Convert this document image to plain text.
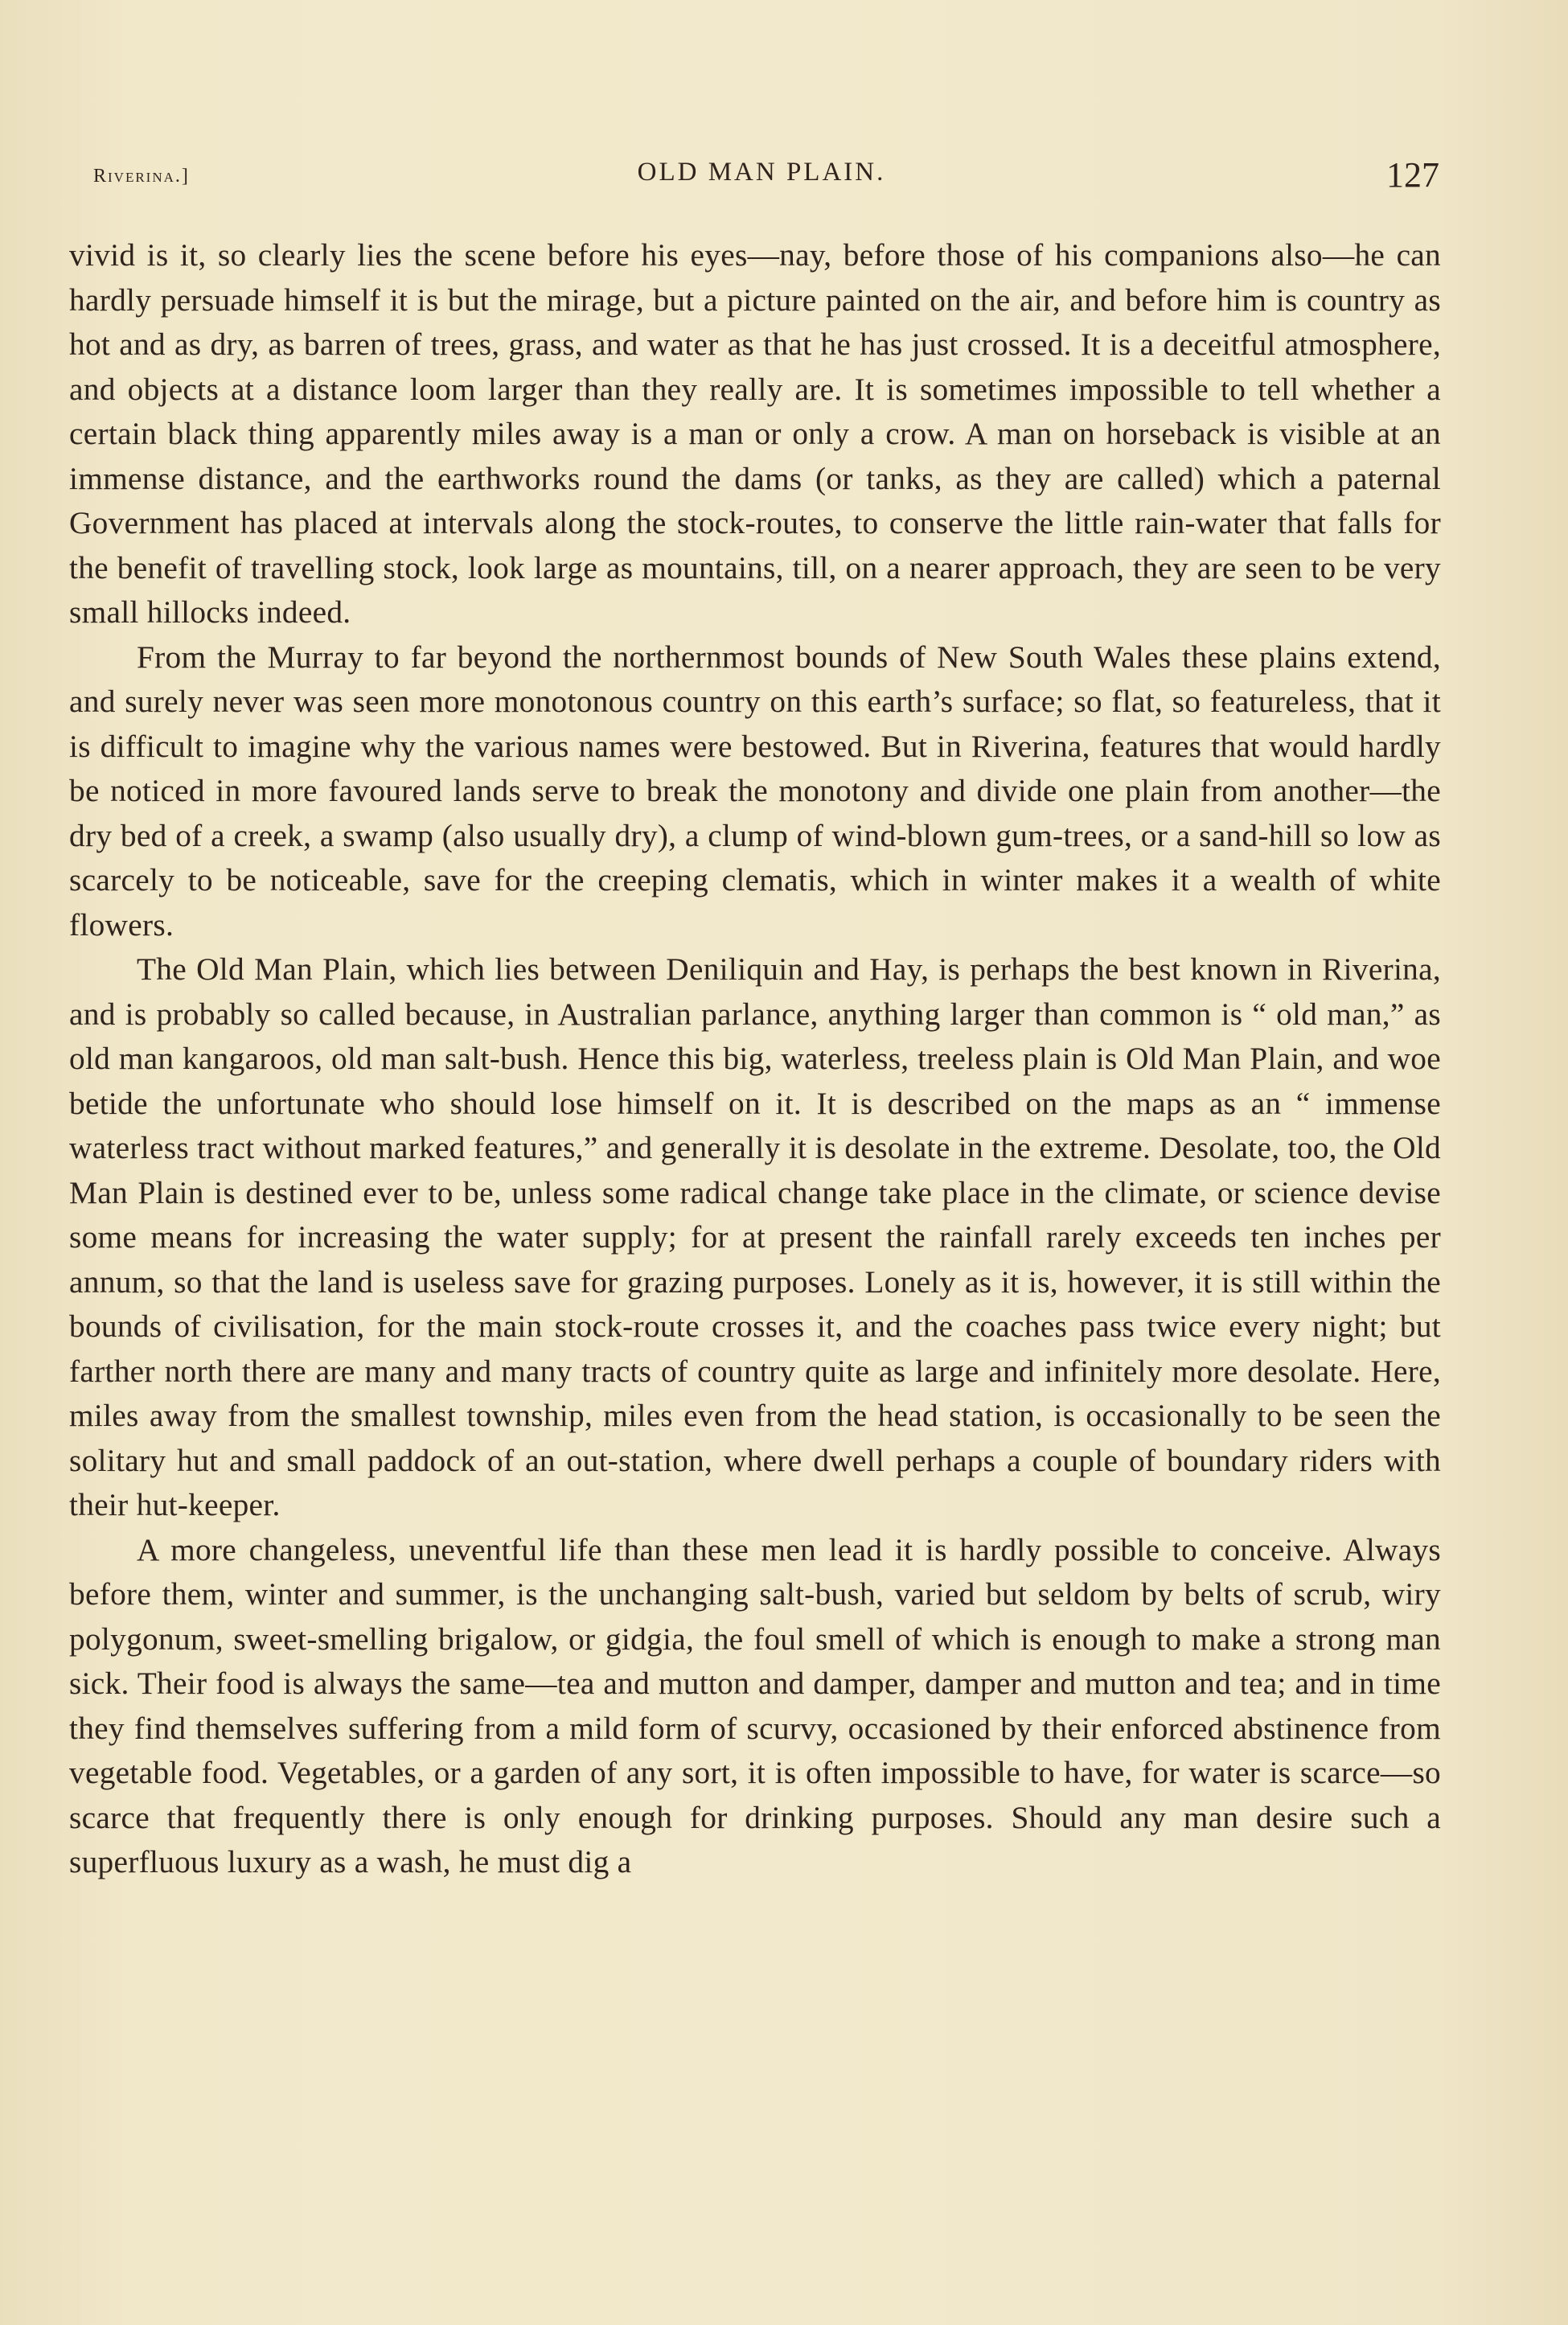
Riverina.]	OLD MAN PLAIN.	127

vivid is it, so clearly lies the scene before his eyes—nay, before those of his companions also—he can hardly persuade himself it is but the mirage, but a picture painted on the air, and before him is country as hot and as dry, as barren of trees, grass, and water as that he has just crossed. It is a deceitful atmosphere, and objects at a distance loom larger than they really are. It is sometimes impossible to tell whether a certain black thing apparently miles away is a man or only a crow. A man on horseback is visible at an immense distance, and the earthworks round the dams (or tanks, as they are called) which a paternal Government has placed at intervals along the stock-routes, to conserve the little rain-water that falls for the benefit of travelling stock, look large as mountains, till, on a nearer approach, they are seen to be very small hillocks indeed.

From the Murray to far beyond the northernmost bounds of New South Wales these plains extend, and surely never was seen more monotonous country on this earth’s surface; so flat, so featureless, that it is difficult to imagine why the various names were bestowed. But in Riverina, features that would hardly be noticed in more favoured lands serve to break the monotony and divide one plain from another—the dry bed of a creek, a swamp (also usually dry), a clump of wind-blown gum-trees, or a sand-hill so low as scarcely to be noticeable, save for the creeping clematis, which in winter makes it a wealth of white flowers.

The Old Man Plain, which lies between Deniliquin and Hay, is perhaps the best known in Riverina, and is probably so called because, in Australian parlance, anything larger than common is “ old man,” as old man kangaroos, old man salt-bush. Hence this big, waterless, treeless plain is Old Man Plain, and woe betide the unfortunate who should lose himself on it. It is described on the maps as an “ immense waterless tract without marked features,” and generally it is desolate in the extreme. Desolate, too, the Old Man Plain is destined ever to be, unless some radical change take place in the climate, or science devise some means for increasing the water supply; for at present the rainfall rarely exceeds ten inches per annum, so that the land is useless save for grazing purposes. Lonely as it is, however, it is still within the bounds of civilisation, for the main stock-route crosses it, and the coaches pass twice every night; but farther north there are many and many tracts of country quite as large and infinitely more desolate. Here, miles away from the smallest township, miles even from the head station, is occasionally to be seen the solitary hut and small paddock of an out-station, where dwell perhaps a couple of boundary riders with their hut-keeper.

A more changeless, uneventful life than these men lead it is hardly possible to conceive. Always before them, winter and summer, is the unchanging salt-bush, varied but seldom by belts of scrub, wiry polygonum, sweet-smelling brigalow, or gidgia, the foul smell of which is enough to make a strong man sick. Their food is always the same—tea and mutton and damper, damper and mutton and tea; and in time they find themselves suffering from a mild form of scurvy, occasioned by their enforced abstinence from vegetable food. Vegetables, or a garden of any sort, it is often impossible to have, for water is scarce—so scarce that frequently there is only enough for drinking purposes. Should any man desire such a superfluous luxury as a wash, he must dig a
